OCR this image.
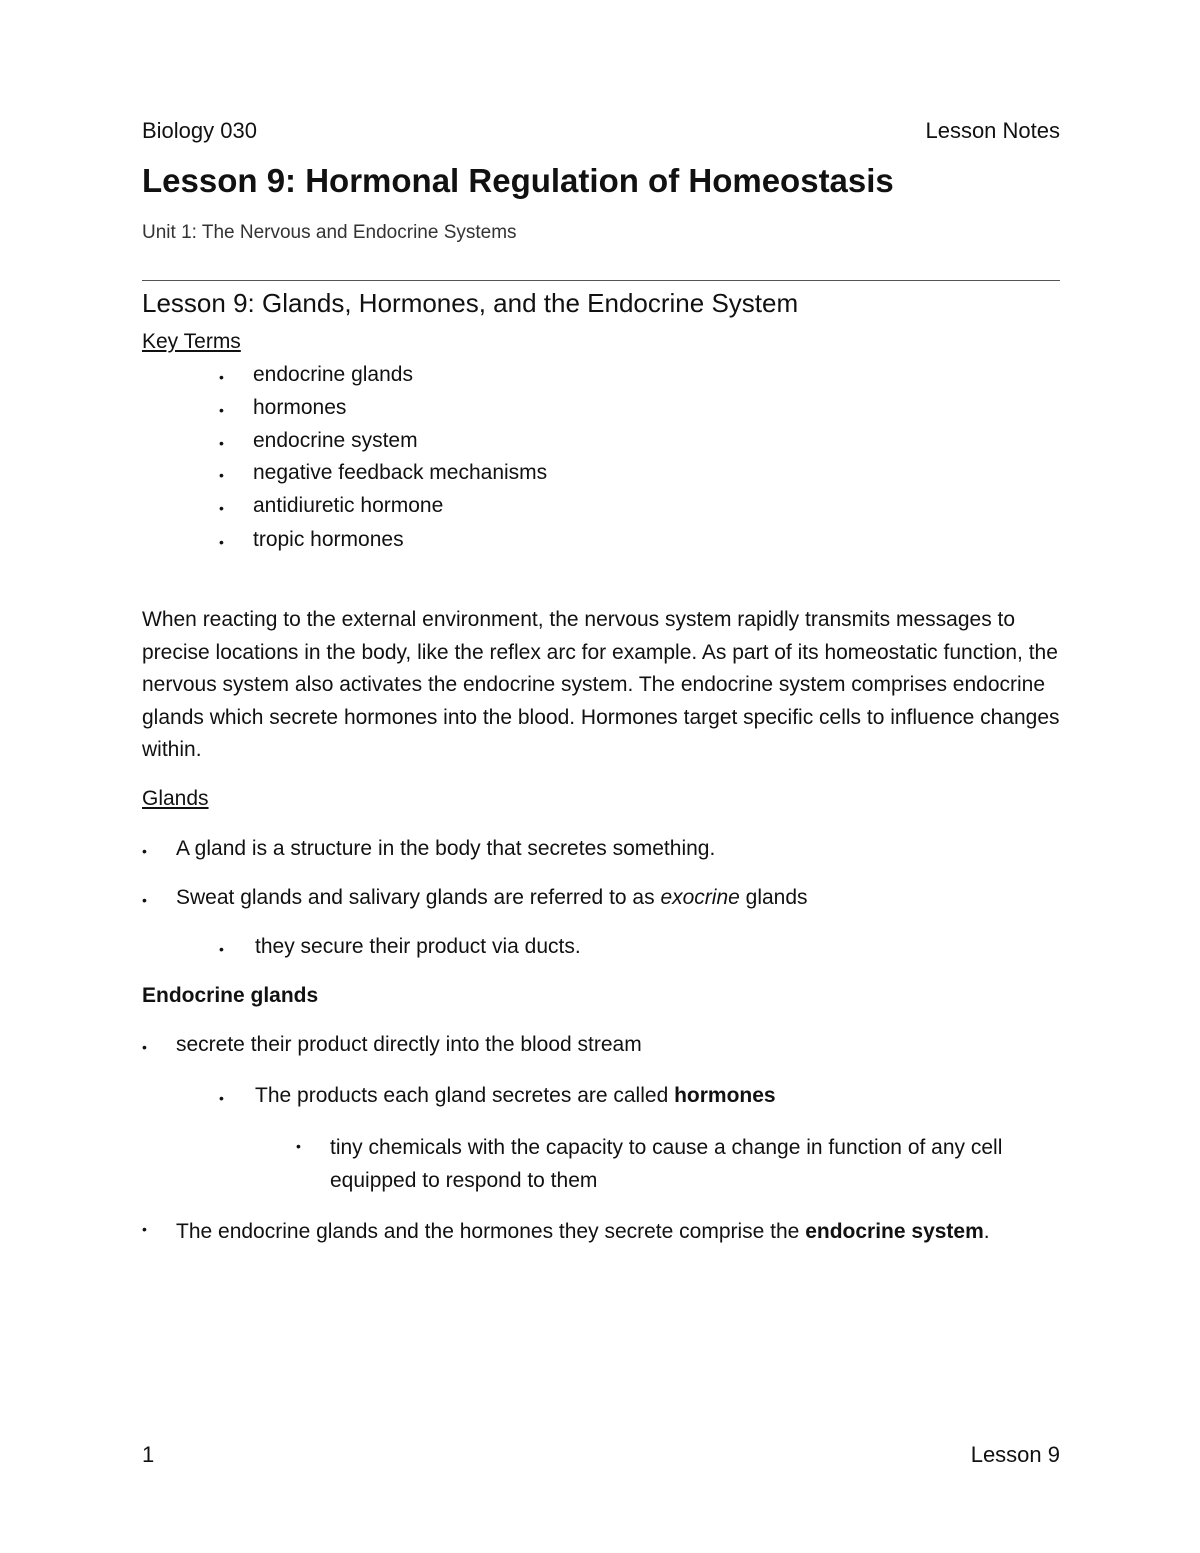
Biology 030	Lesson Notes
Lesson 9: Hormonal Regulation of Homeostasis
Unit 1: The Nervous and Endocrine Systems
Lesson 9: Glands, Hormones, and the Endocrine System
Key Terms
• endocrine glands
• hormones
• endocrine system
• negative feedback mechanisms
• antidiuretic hormone
• tropic hormones
When reacting to the external environment, the nervous system rapidly transmits messages to precise locations in the body, like the reflex arc for example. As part of its homeostatic function, the nervous system also activates the endocrine system. The endocrine system comprises endocrine glands which secrete hormones into the blood. Hormones target specific cells to influence changes within.
Glands
• A gland is a structure in the body that secretes something.
• Sweat glands and salivary glands are referred to as exocrine glands
• they secure their product via ducts.
Endocrine glands
• secrete their product directly into the blood stream
• The products each gland secretes are called hormones
• tiny chemicals with the capacity to cause a change in function of any cell equipped to respond to them
• The endocrine glands and the hormones they secrete comprise the endocrine system.
1	Lesson 9
